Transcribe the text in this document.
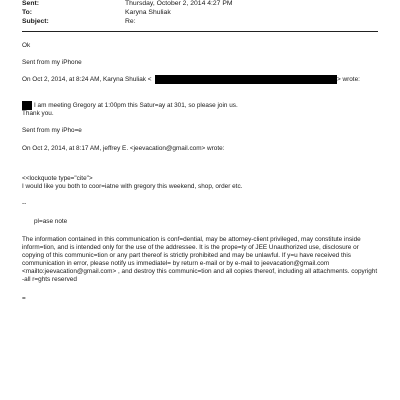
Sent:	Thursday, October 2, 2014 4:27 PM
To:	Karyna Shuliak
Subject:	Re:
Ok
Sent from my iPhone
On Oct 2, 2014, at 8:24 AM, Karyna Shuliak <	> wrote:
I am meeting Gregory at 1:00pm this Satur=ay at 301, so please join us.
Thank you.
Sent from my iPho=e
On Oct 2, 2014, at 8:17 AM, jeffrey E. <jeevacation@gmail.com> wrote:
<<lockquote type="cite">
I would like you both to coor=iatne with gregory this weekend, shop, order etc.
--
pl=ase note
The information contained in this communication is conf=dential, may be attorney-client privileged, may constitute inside inform=tion, and is intended only for the use of the addressee. It is the prope=ty of JEE Unauthorized use, disclosure or copying of this communic=tion or any part thereof is strictly prohibited and may be unlawful. If y=u have received this communication in error, please notify us immediatel= by return e-mail or by e-mail to jeevacation@gmail.com <mailto:jeevacation@gmail.com> , and destroy this communic=tion and all copies thereof, including all attachments. copyright -all r=ghts reserved
=
